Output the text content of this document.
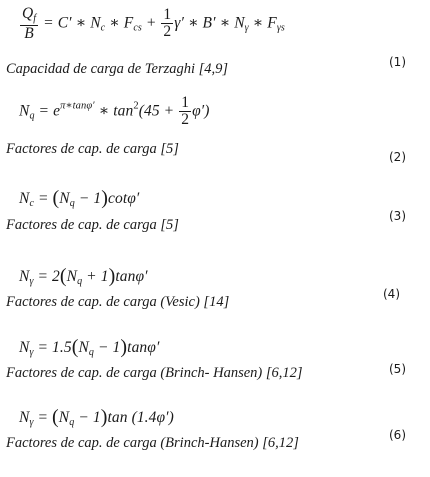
$\frac{Q_f}{B} = C'$ ∗ $N_c$ ∗ $F_{cs} + \frac{1}{2} \gamma'$ ∗ B′ ∗ $N_\gamma$ ∗ $F_{\gamma s}$
Capacidad de carga de Terzaghi [4,9]	(1)
$N_q = e^{\pi∗tan\varphi'}$ ∗ $\tan^2(45 + \frac{1}{2} \varphi')$
Factores de cap. de carga [5]	(2)
$N_c = (N_q - 1)\cot\varphi'$
Factores de cap. de carga [5]
(3)
$N_\gamma = 2(N_q + 1)\tan\varphi'$
Factores de cap. de carga (Vesic) [14]	(4)
$N_\gamma = 1.5(N_q - 1)\tan\varphi'$
Factores de cap. de carga (Brinch- Hansen) [6,12]	(5)
$N_\gamma = (N_q - 1)\tan$ (1.4φ′)
Factores de cap. de carga (Brinch-Hansen) [6,12]	(6)
